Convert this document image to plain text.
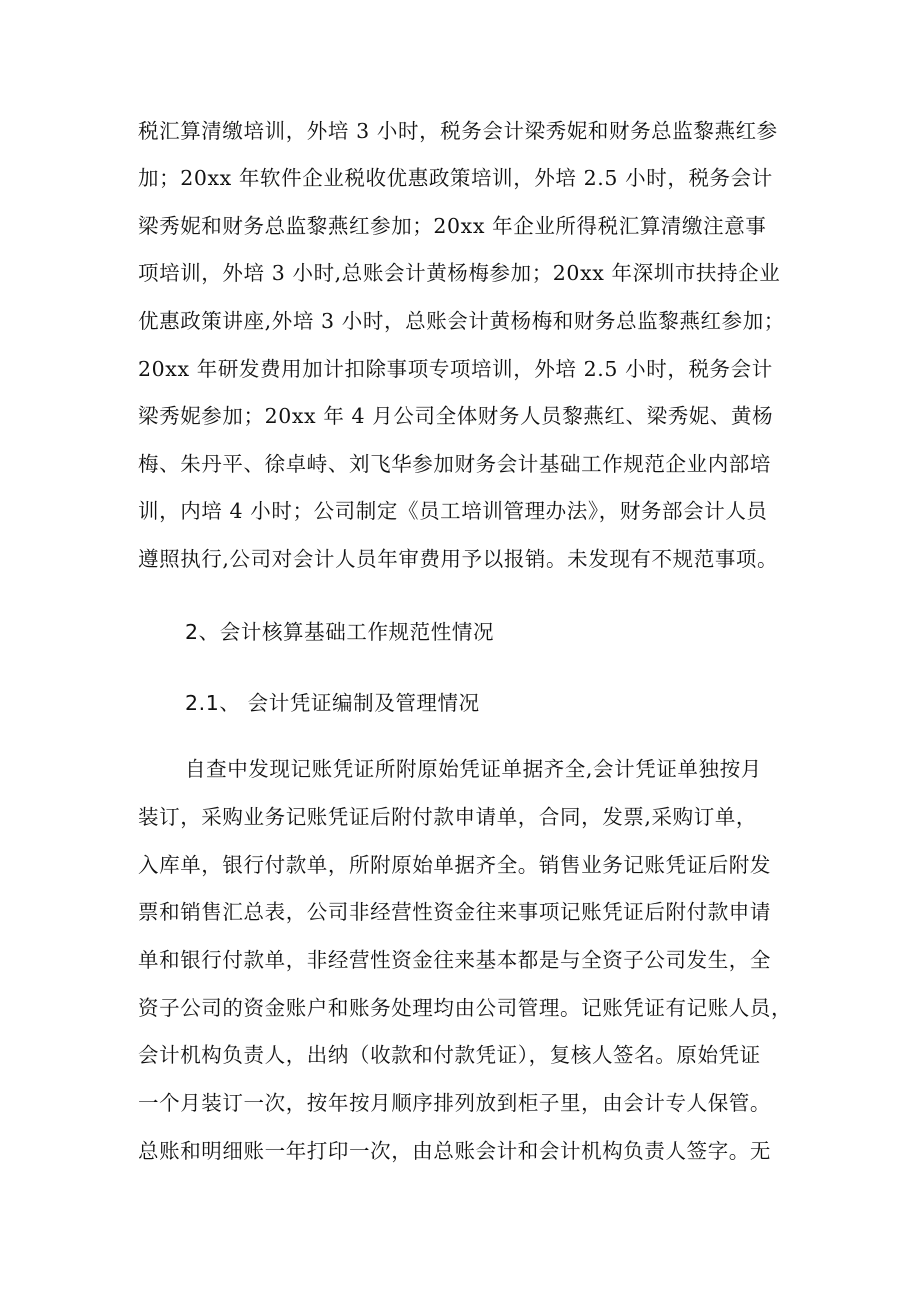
税汇算清缴培训，外培 3 小时，税务会计梁秀妮和财务总监黎燕红参
加；20xx 年软件企业税收优惠政策培训，外培 2.5 小时，税务会计
梁秀妮和财务总监黎燕红参加；20xx 年企业所得税汇算清缴注意事
项培训，外培 3 小时,总账会计黄杨梅参加；20xx 年深圳市扶持企业
优惠政策讲座,外培 3 小时，总账会计黄杨梅和财务总监黎燕红参加；
20xx 年研发费用加计扣除事项专项培训，外培 2.5 小时，税务会计
梁秀妮参加；20xx 年 4 月公司全体财务人员黎燕红、梁秀妮、黄杨
梅、朱丹平、徐卓峙、刘飞华参加财务会计基础工作规范企业内部培
训，内培 4 小时；公司制定《员工培训管理办法》，财务部会计人员
遵照执行,公司对会计人员年审费用予以报销。未发现有不规范事项。
2、会计核算基础工作规范性情况
2.1、 会计凭证编制及管理情况
自查中发现记账凭证所附原始凭证单据齐全,会计凭证单独按月
装订，采购业务记账凭证后附付款申请单，合同，发票,采购订单，
入库单，银行付款单，所附原始单据齐全。销售业务记账凭证后附发
票和销售汇总表，公司非经营性资金往来事项记账凭证后附付款申请
单和银行付款单，非经营性资金往来基本都是与全资子公司发生，全
资子公司的资金账户和账务处理均由公司管理。记账凭证有记账人员，
会计机构负责人，出纳（收款和付款凭证），复核人签名。原始凭证
一个月装订一次，按年按月顺序排列放到柜子里，由会计专人保管。
总账和明细账一年打印一次，由总账会计和会计机构负责人签字。无
